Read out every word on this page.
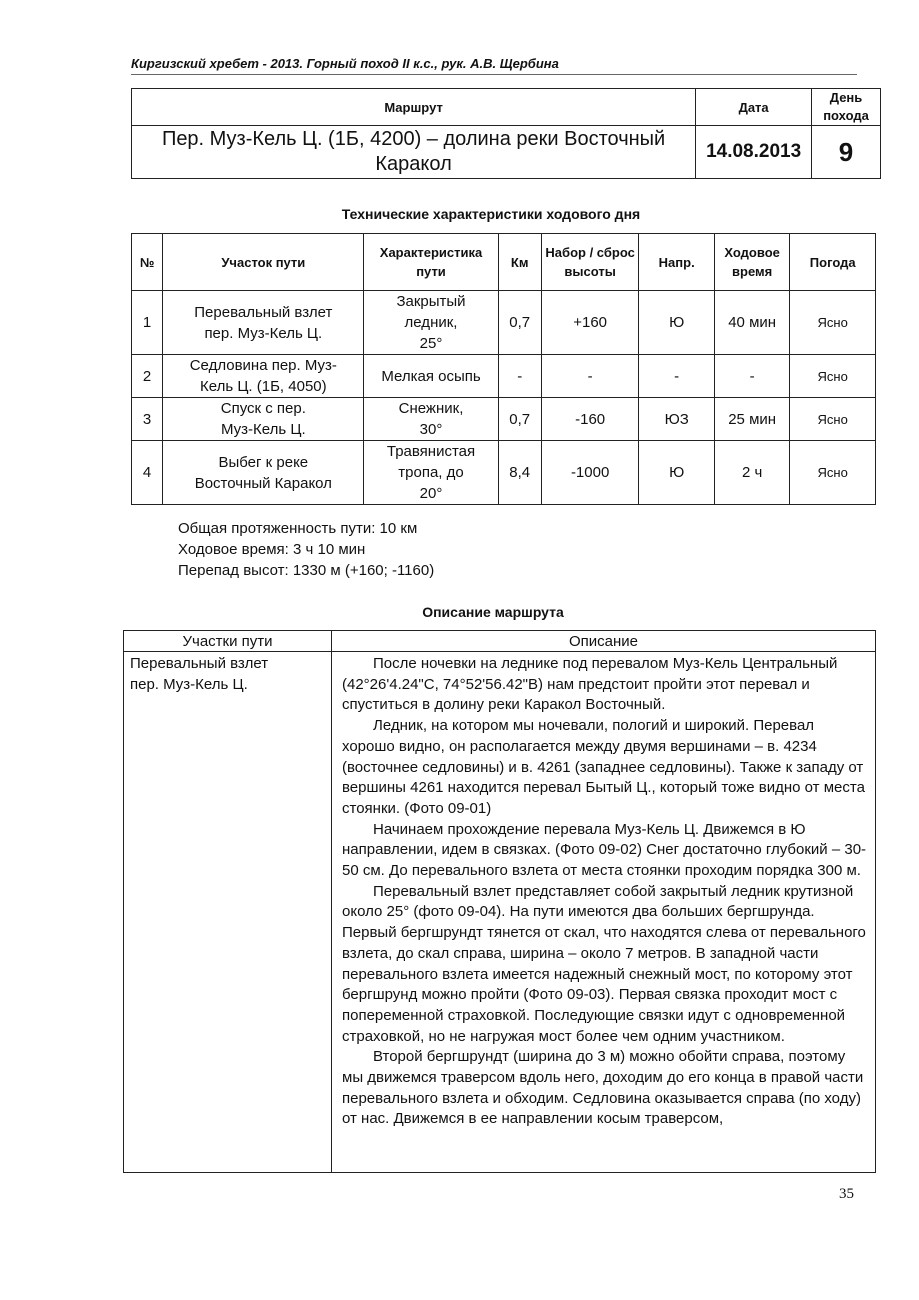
Киргизский хребет - 2013. Горный поход II к.с., рук. А.В. Щербина
Маршрут	Дата	День похода
Пер. Муз-Кель Ц. (1Б, 4200) – долина реки Восточный Каракол	14.08.2013	9
Технические характеристики ходового дня
№	Участок пути	Характеристика пути	Км	Набор / сброс высоты	Напр.	Ходовое время	Погода
1	Перевальный взлет пер. Муз-Кель Ц.	Закрытый ледник, 25°	0,7	+160	Ю	40 мин	Ясно
2	Седловина пер. Муз-Кель Ц. (1Б, 4050)	Мелкая осыпь	-	-	-	-	Ясно
3	Спуск с пер. Муз-Кель Ц.	Снежник, 30°	0,7	-160	ЮЗ	25 мин	Ясно
4	Выбег к реке Восточный Каракол	Травянистая тропа, до 20°	8,4	-1000	Ю	2 ч	Ясно
Общая протяженность пути: 10 км
Ходовое время: 3 ч 10 мин
Перепад высот: 1330 м (+160; -1160)
Описание маршрута
Участки пути	Описание

Перевальный взлет пер. Муз-Кель Ц.	После ночевки на леднике под перевалом Муз-Кель Центральный (42°26'4.24"С, 74°52'56.42"В) нам предстоит пройти этот перевал и спуститься в долину реки Каракол Восточный.

Ледник, на котором мы ночевали, пологий и широкий. Перевал хорошо видно, он располагается между двумя вершинами – в. 4234 (восточнее седловины) и в. 4261 (западнее седловины). Также к западу от вершины 4261 находится перевал Бытый Ц., который тоже видно от места стоянки. (Фото 09-01)

Начинаем прохождение перевала Муз-Кель Ц. Движемся в Ю направлении, идем в связках. (Фото 09-02) Снег достаточно глубокий – 30-50 см. До перевального взлета от места стоянки проходим порядка 300 м.

Перевальный взлет представляет собой закрытый ледник крутизной около 25° (фото 09-04). На пути имеются два больших бергшрунда. Первый бергшрундт тянется от скал, что находятся слева от перевального взлета, до скал справа, ширина – около 7 метров. В западной части перевального взлета имеется надежный снежный мост, по которому этот бергшрунд можно пройти (Фото 09-03). Первая связка проходит мост с попеременной страховкой. Последующие связки идут с одновременной страховкой, но не нагружая мост более чем одним участником.

Второй бергшрундт (ширина до 3 м) можно обойти справа, поэтому мы движемся траверсом вдоль него, доходим до его конца в правой части перевального взлета и обходим. Седловина оказывается справа (по ходу) от нас. Движемся в ее направлении косым траверсом,

35
